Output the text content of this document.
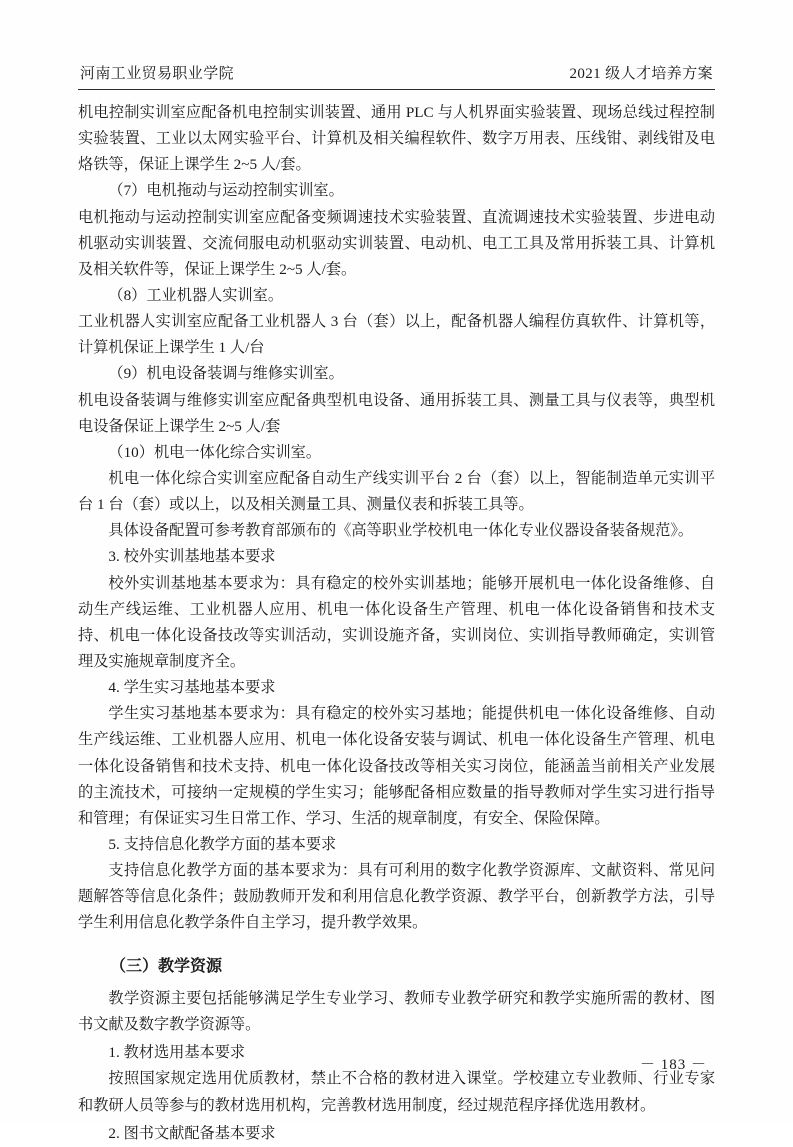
河南工业贸易职业学院	2021 级人才培养方案

机电控制实训室应配备机电控制实训装置、通用 PLC 与人机界面实验装置、现场总线过程控制实验装置、工业以太网实验平台、计算机及相关编程软件、数字万用表、压线钳、剥线钳及电烙铁等，保证上课学生 2~5 人/套。

（7）电机拖动与运动控制实训室。

电机拖动与运动控制实训室应配备变频调速技术实验装置、直流调速技术实验装置、步进电动机驱动实训装置、交流伺服电动机驱动实训装置、电动机、电工工具及常用拆装工具、计算机及相关软件等，保证上课学生 2~5 人/套。

（8）工业机器人实训室。

工业机器人实训室应配备工业机器人 3 台（套）以上，配备机器人编程仿真软件、计算机等，计算机保证上课学生 1 人/台

（9）机电设备装调与维修实训室。

机电设备装调与维修实训室应配备典型机电设备、通用拆装工具、测量工具与仪表等，典型机电设备保证上课学生 2~5 人/套

（10）机电一体化综合实训室。

机电一体化综合实训室应配备自动生产线实训平台 2 台（套）以上，智能制造单元实训平台 1 台（套）或以上，以及相关测量工具、测量仪表和拆装工具等。

具体设备配置可参考教育部颁布的《高等职业学校机电一体化专业仪器设备装备规范》。

3. 校外实训基地基本要求

校外实训基地基本要求为：具有稳定的校外实训基地；能够开展机电一体化设备维修、自动生产线运维、工业机器人应用、机电一体化设备生产管理、机电一体化设备销售和技术支持、机电一体化设备技改等实训活动，实训设施齐备，实训岗位、实训指导教师确定，实训管理及实施规章制度齐全。

4. 学生实习基地基本要求

学生实习基地基本要求为：具有稳定的校外实习基地；能提供机电一体化设备维修、自动生产线运维、工业机器人应用、机电一体化设备安装与调试、机电一体化设备生产管理、机电一体化设备销售和技术支持、机电一体化设备技改等相关实习岗位，能涵盖当前相关产业发展的主流技术，可接纳一定规模的学生实习；能够配备相应数量的指导教师对学生实习进行指导和管理；有保证实习生日常工作、学习、生活的规章制度，有安全、保险保障。

5. 支持信息化教学方面的基本要求

支持信息化教学方面的基本要求为：具有可利用的数字化教学资源库、文献资料、常见问题解答等信息化条件；鼓励教师开发和利用信息化教学资源、教学平台，创新教学方法，引导学生利用信息化教学条件自主学习，提升教学效果。

（三）教学资源

教学资源主要包括能够满足学生专业学习、教师专业教学研究和教学实施所需的教材、图书文献及数字教学资源等。

1. 教材选用基本要求

按照国家规定选用优质教材，禁止不合格的教材进入课堂。学校建立专业教师、行业专家和教研人员等参与的教材选用机构，完善教材选用制度，经过规范程序择优选用教材。

2. 图书文献配备基本要求

－ 183 －
